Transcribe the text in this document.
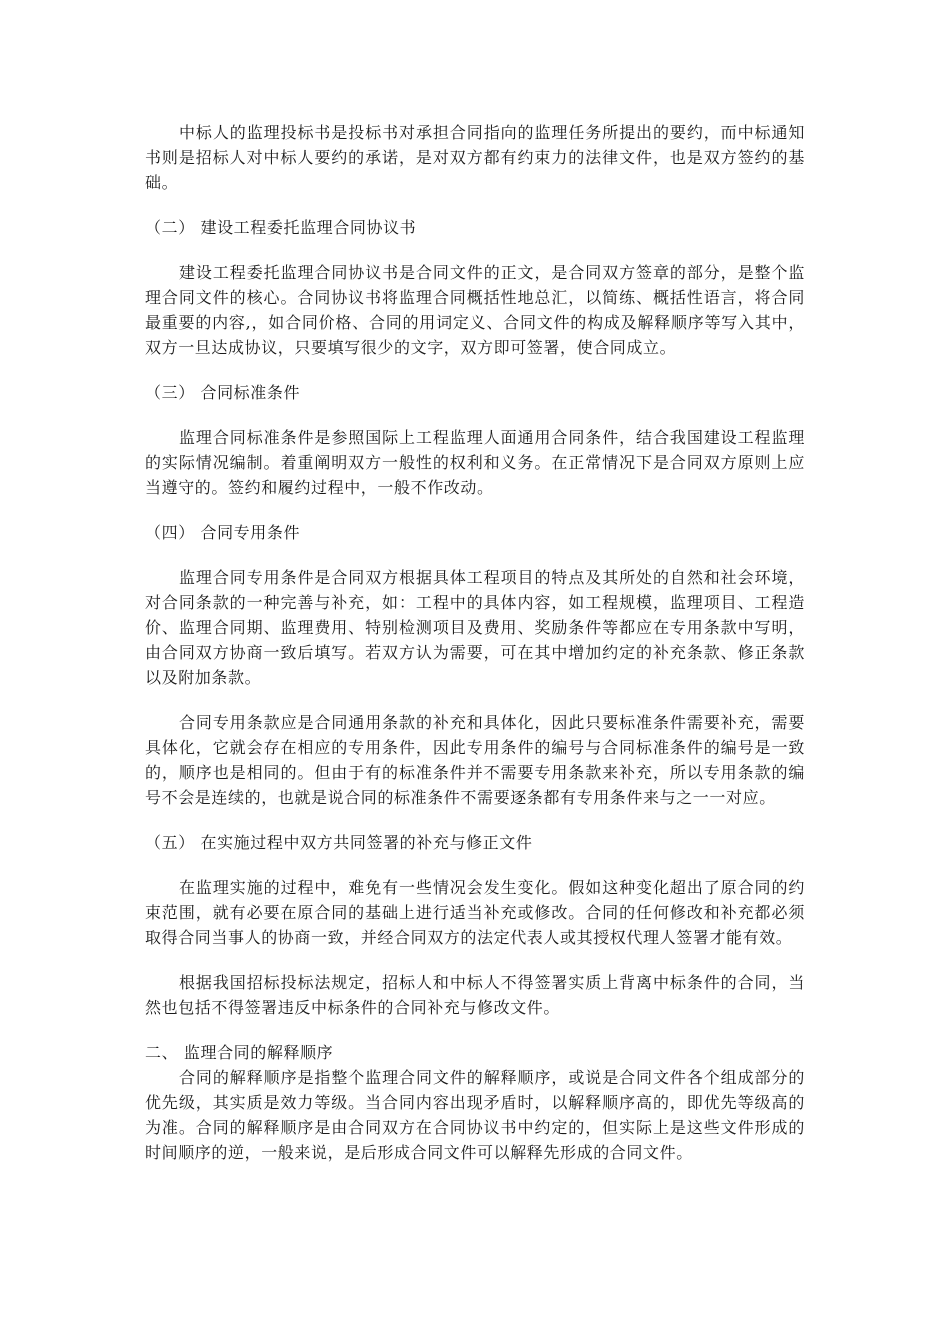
中标人的监理投标书是投标书对承担合同指向的监理任务所提出的要约，而中标通知书则是招标人对中标人要约的承诺，是对双方都有约束力的法律文件，也是双方签约的基础。

（二） 建设工程委托监理合同协议书

建设工程委托监理合同协议书是合同文件的正文，是合同双方签章的部分，是整个监理合同文件的核心。合同协议书将监理合同概括性地总汇，以简练、概括性语言，将合同最重要的内容,，如合同价格、合同的用词定义、合同文件的构成及解释顺序等写入其中，双方一旦达成协议，只要填写很少的文字，双方即可签署，使合同成立。

（三） 合同标准条件

监理合同标准条件是参照国际上工程监理人面通用合同条件，结合我国建设工程监理的实际情况编制。着重阐明双方一般性的权利和义务。在正常情况下是合同双方原则上应当遵守的。签约和履约过程中，一般不作改动。

（四） 合同专用条件

监理合同专用条件是合同双方根据具体工程项目的特点及其所处的自然和社会环境，对合同条款的一种完善与补充，如：工程中的具体内容，如工程规模，监理项目、工程造价、监理合同期、监理费用、特别检测项目及费用、奖励条件等都应在专用条款中写明，由合同双方协商一致后填写。若双方认为需要，可在其中增加约定的补充条款、修正条款以及附加条款。

合同专用条款应是合同通用条款的补充和具体化，因此只要标准条件需要补充，需要具体化，它就会存在相应的专用条件，因此专用条件的编号与合同标准条件的编号是一致的，顺序也是相同的。但由于有的标准条件并不需要专用条款来补充，所以专用条款的编号不会是连续的，也就是说合同的标准条件不需要逐条都有专用条件来与之一一对应。

（五） 在实施过程中双方共同签署的补充与修正文件

在监理实施的过程中，难免有一些情况会发生变化。假如这种变化超出了原合同的约束范围，就有必要在原合同的基础上进行适当补充或修改。合同的任何修改和补充都必须取得合同当事人的协商一致，并经合同双方的法定代表人或其授权代理人签署才能有效。

根据我国招标投标法规定，招标人和中标人不得签署实质上背离中标条件的合同，当然也包括不得签署违反中标条件的合同补充与修改文件。

二、 监理合同的解释顺序

合同的解释顺序是指整个监理合同文件的解释顺序，或说是合同文件各个组成部分的优先级，其实质是效力等级。当合同内容出现矛盾时，以解释顺序高的，即优先等级高的为准。合同的解释顺序是由合同双方在合同协议书中约定的，但实际上是这些文件形成的时间顺序的逆，一般来说，是后形成合同文件可以解释先形成的合同文件。
